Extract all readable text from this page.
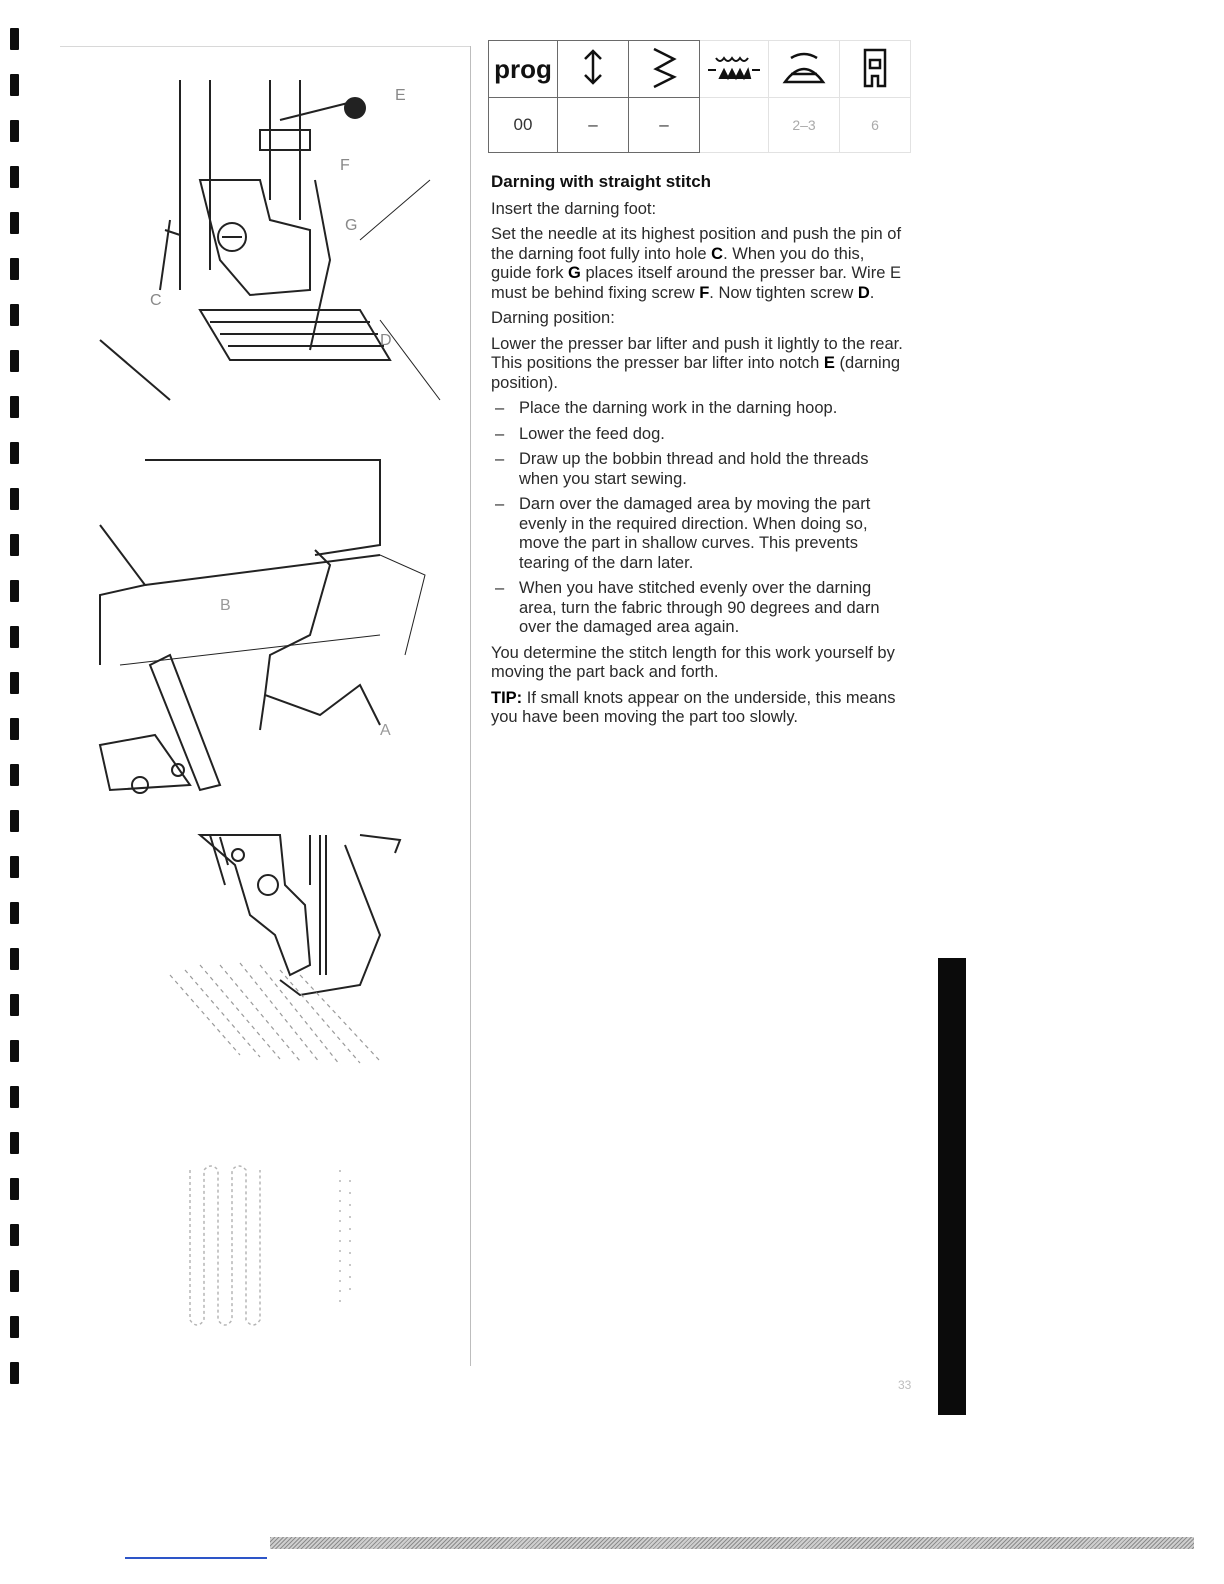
E
F
G
C
D
B
A
prog					
00	–	–		2–3	6
Darning with straight stitch

Insert the darning foot:

Set the needle at its highest position and push the pin of the darning foot fully into hole C. When you do this, guide fork G places itself around the presser bar. Wire E must be behind fixing screw F. Now tighten screw D.

Darning position:

Lower the presser bar lifter and push it lightly to the rear. This positions the presser bar lifter into notch E (darning position).

– Place the darning work in the darning hoop.
– Lower the feed dog.
– Draw up the bobbin thread and hold the threads when you start sewing.
– Darn over the damaged area by moving the part evenly in the required direction. When doing so, move the part in shallow curves. This prevents tearing of the darn later.
– When you have stitched evenly over the darning area, turn the fabric through 90 degrees and darn over the damaged area again.

You determine the stitch length for this work yourself by moving the part back and forth.

TIP: If small knots appear on the underside, this means you have been moving the part too slowly.

33
